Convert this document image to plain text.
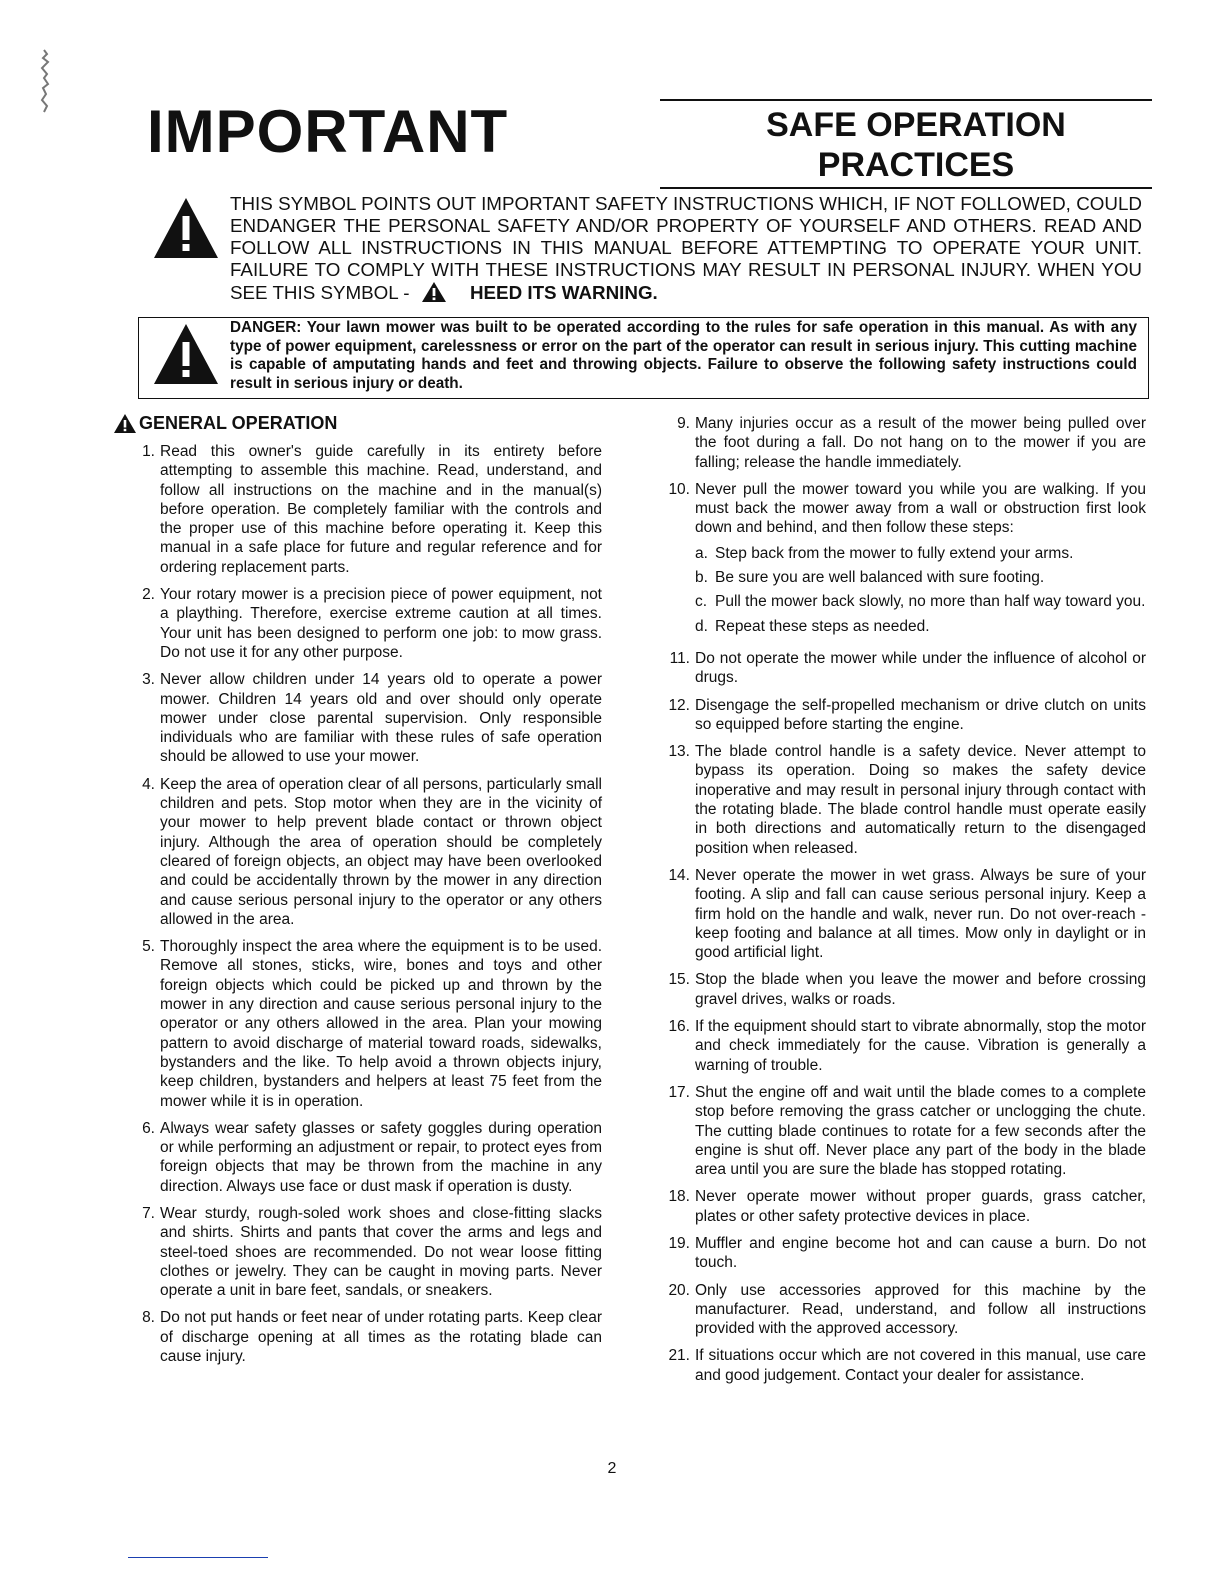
IMPORTANT	SAFE OPERATION
PRACTICES
THIS SYMBOL POINTS OUT IMPORTANT SAFETY INSTRUCTIONS WHICH, IF NOT FOLLOWED, COULD ENDANGER THE PERSONAL SAFETY AND/OR PROPERTY OF YOURSELF AND OTHERS. READ AND FOLLOW ALL INSTRUCTIONS IN THIS MANUAL BEFORE ATTEMPTING TO OPERATE YOUR UNIT. FAILURE TO COMPLY WITH THESE INSTRUCTIONS MAY RESULT IN PERSONAL INJURY. WHEN YOU SEE THIS SYMBOL -	HEED ITS WARNING.
DANGER: Your lawn mower was built to be operated according to the rules for safe operation in this manual. As with any type of power equipment, carelessness or error on the part of the operator can result in serious injury. This cutting machine is capable of amputating hands and feet and throwing objects. Failure to observe the following safety instructions could result in serious injury or death.
GENERAL OPERATION
1. Read this owner's guide carefully in its entirety before attempting to assemble this machine. Read, understand, and follow all instructions on the machine and in the manual(s) before operation. Be completely familiar with the controls and the proper use of this machine before operating it. Keep this manual in a safe place for future and regular reference and for ordering replacement parts.
2. Your rotary mower is a precision piece of power equipment, not a plaything. Therefore, exercise extreme caution at all times. Your unit has been designed to perform one job: to mow grass. Do not use it for any other purpose.
3. Never allow children under 14 years old to operate a power mower. Children 14 years old and over should only operate mower under close parental supervision. Only responsible individuals who are familiar with these rules of safe operation should be allowed to use your mower.
4. Keep the area of operation clear of all persons, particularly small children and pets. Stop motor when they are in the vicinity of your mower to help prevent blade contact or thrown object injury. Although the area of operation should be completely cleared of foreign objects, an object may have been overlooked and could be accidentally thrown by the mower in any direction and cause serious personal injury to the operator or any others allowed in the area.
5. Thoroughly inspect the area where the equipment is to be used. Remove all stones, sticks, wire, bones and toys and other foreign objects which could be picked up and thrown by the mower in any direction and cause serious personal injury to the operator or any others allowed in the area. Plan your mowing pattern to avoid discharge of material toward roads, sidewalks, bystanders and the like. To help avoid a thrown objects injury, keep children, bystanders and helpers at least 75 feet from the mower while it is in operation.
6. Always wear safety glasses or safety goggles during operation or while performing an adjustment or repair, to protect eyes from foreign objects that may be thrown from the machine in any direction. Always use face or dust mask if operation is dusty.
7. Wear sturdy, rough-soled work shoes and close-fitting slacks and shirts. Shirts and pants that cover the arms and legs and steel-toed shoes are recommended. Do not wear loose fitting clothes or jewelry. They can be caught in moving parts. Never operate a unit in bare feet, sandals, or sneakers.
8. Do not put hands or feet near of under rotating parts. Keep clear of discharge opening at all times as the rotating blade can cause injury.
9. Many injuries occur as a result of the mower being pulled over the foot during a fall. Do not hang on to the mower if you are falling; release the handle immediately.
10. Never pull the mower toward you while you are walking. If you must back the mower away from a wall or obstruction first look down and behind, and then follow these steps:
a. Step back from the mower to fully extend your arms.
b. Be sure you are well balanced with sure footing.
c. Pull the mower back slowly, no more than half way toward you.
d. Repeat these steps as needed.
11. Do not operate the mower while under the influence of alcohol or drugs.
12. Disengage the self-propelled mechanism or drive clutch on units so equipped before starting the engine.
13. The blade control handle is a safety device. Never attempt to bypass its operation. Doing so makes the safety device inoperative and may result in personal injury through contact with the rotating blade. The blade control handle must operate easily in both directions and automatically return to the disengaged position when released.
14. Never operate the mower in wet grass. Always be sure of your footing. A slip and fall can cause serious personal injury. Keep a firm hold on the handle and walk, never run. Do not over-reach - keep footing and balance at all times. Mow only in daylight or in good artificial light.
15. Stop the blade when you leave the mower and before crossing gravel drives, walks or roads.
16. If the equipment should start to vibrate abnormally, stop the motor and check immediately for the cause. Vibration is generally a warning of trouble.
17. Shut the engine off and wait until the blade comes to a complete stop before removing the grass catcher or unclogging the chute. The cutting blade continues to rotate for a few seconds after the engine is shut off. Never place any part of the body in the blade area until you are sure the blade has stopped rotating.
18. Never operate mower without proper guards, grass catcher, plates or other safety protective devices in place.
19. Muffler and engine become hot and can cause a burn. Do not touch.
20. Only use accessories approved for this machine by the manufacturer. Read, understand, and follow all instructions provided with the approved accessory.
21. If situations occur which are not covered in this manual, use care and good judgement. Contact your dealer for assistance.
2
